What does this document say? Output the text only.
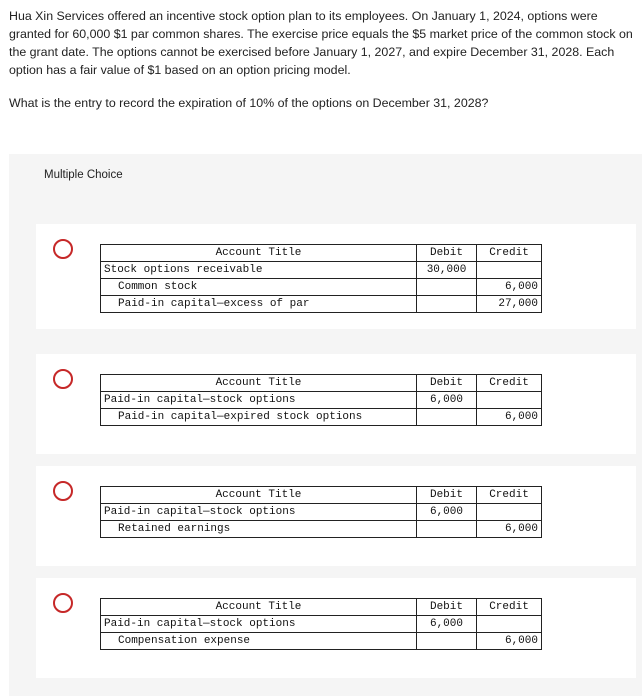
Hua Xin Services offered an incentive stock option plan to its employees. On January 1, 2024, options were granted for 60,000 $1 par common shares. The exercise price equals the $5 market price of the common stock on the grant date. The options cannot be exercised before January 1, 2027, and expire December 31, 2028. Each option has a fair value of $1 based on an option pricing model.
What is the entry to record the expiration of 10% of the options on December 31, 2028?
Multiple Choice
Account Title	Debit	Credit
Stock options receivable	30,000	
Common stock		6,000
Paid-in capital—excess of par		27,000
Account Title	Debit	Credit
Paid-in capital—stock options	6,000	
Paid-in capital—expired stock options		6,000
Account Title	Debit	Credit
Paid-in capital—stock options	6,000	
Retained earnings		6,000
Account Title	Debit	Credit
Paid-in capital—stock options	6,000	
Compensation expense		6,000
